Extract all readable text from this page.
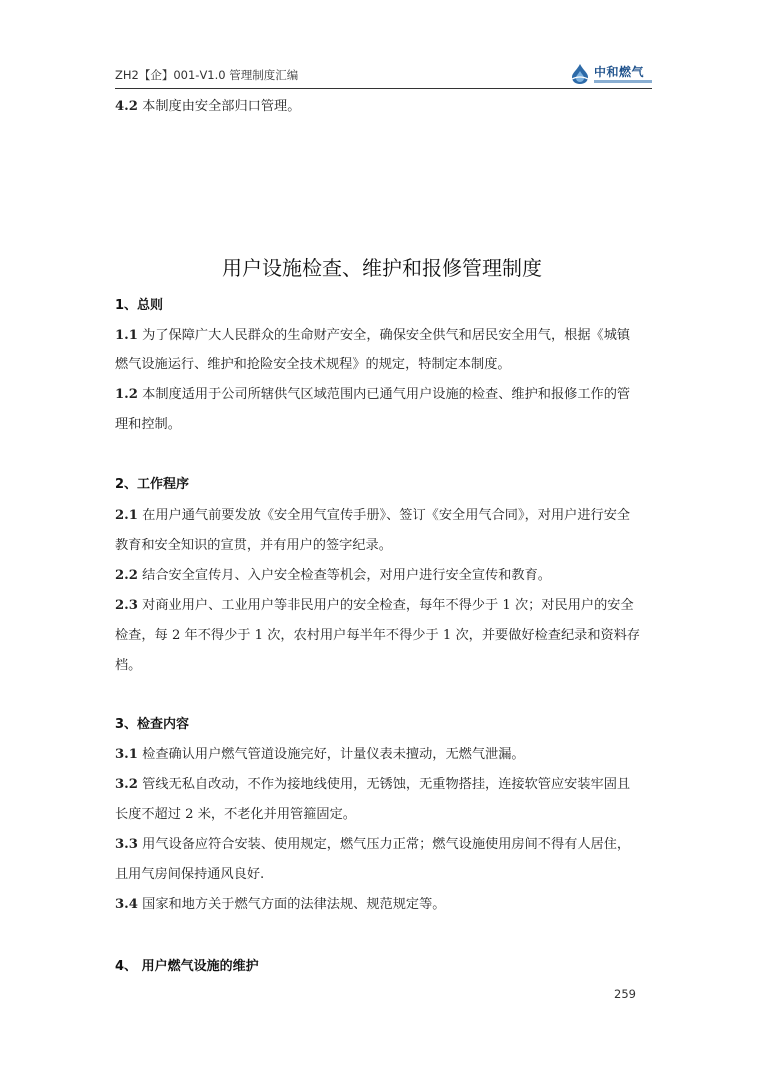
ZH2【企】001-V1.0 管理制度汇编	中和燃气
4.2 本制度由安全部归口管理。
用户设施检查、维护和报修管理制度
1、总则
1.1 为了保障广大人民群众的生命财产安全，确保安全供气和居民安全用气，根据《城镇
燃气设施运行、维护和抢险安全技术规程》的规定，特制定本制度。
1.2 本制度适用于公司所辖供气区域范围内已通气用户设施的检查、维护和报修工作的管
理和控制。
2、工作程序
2.1 在用户通气前要发放《安全用气宣传手册》、签订《安全用气合同》，对用户进行安全
教育和安全知识的宣贯，并有用户的签字纪录。
2.2 结合安全宣传月、入户安全检查等机会，对用户进行安全宣传和教育。
2.3 对商业用户、工业用户等非民用户的安全检查，每年不得少于 1 次；对民用户的安全
检查，每 2 年不得少于 1 次，农村用户每半年不得少于 1 次，并要做好检查纪录和资料存
档。
3、检查内容
3.1 检查确认用户燃气管道设施完好，计量仪表未擅动，无燃气泄漏。
3.2 管线无私自改动，不作为接地线使用，无锈蚀，无重物搭挂，连接软管应安装牢固且
长度不超过 2 米，不老化并用管箍固定。
3.3 用气设备应符合安装、使用规定，燃气压力正常；燃气设施使用房间不得有人居住，
且用气房间保持通风良好.
3.4 国家和地方关于燃气方面的法律法规、规范规定等。
4、 用户燃气设施的维护
259
